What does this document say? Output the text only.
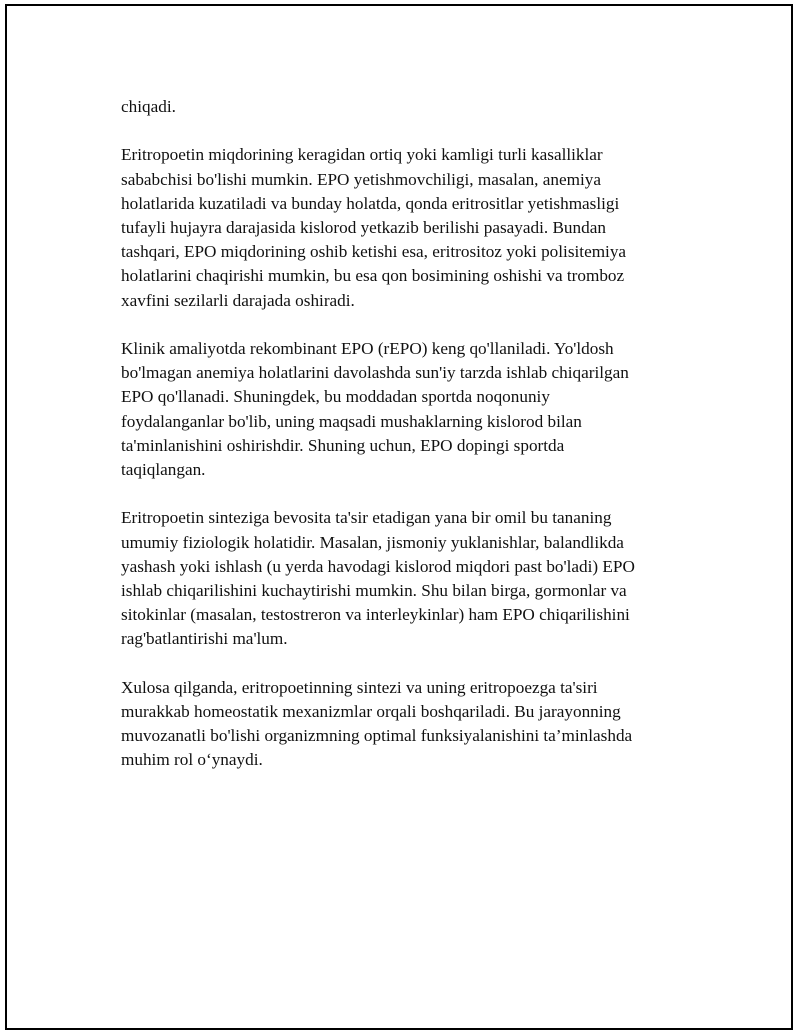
chiqadi.

Eritropoetin miqdorining keragidan ortiq yoki kamligi turli kasalliklar sababchisi bo'lishi mumkin. EPO yetishmovchiligi, masalan, anemiya holatlarida kuzatiladi va bunday holatda, qonda eritrositlar yetishmasligi tufayli hujayra darajasida kislorod yetkazib berilishi pasayadi. Bundan tashqari, EPO miqdorining oshib ketishi esa, eritrositoz yoki polisitemiya holatlarini chaqirishi mumkin, bu esa qon bosimining oshishi va tromboz xavfini sezilarli darajada oshiradi.

Klinik amaliyotda rekombinant EPO (rEPO) keng qo'llaniladi. Yo'ldosh bo'lmagan anemiya holatlarini davolashda sun'iy tarzda ishlab chiqarilgan EPO qo'llanadi. Shuningdek, bu moddadan sportda noqonuniy foydalanganlar bo'lib, uning maqsadi mushaklarning kislorod bilan ta'minlanishini oshirishdir. Shuning uchun, EPO dopingi sportda taqiqlangan.

Eritropoetin sinteziga bevosita ta'sir etadigan yana bir omil bu tananing umumiy fiziologik holatidir. Masalan, jismoniy yuklanishlar, balandlikda yashash yoki ishlash (u yerda havodagi kislorod miqdori past bo'ladi) EPO ishlab chiqarilishini kuchaytirishi mumkin. Shu bilan birga, gormonlar va sitokinlar (masalan, testostreron va interleykinlar) ham EPO chiqarilishini rag'batlantirishi ma'lum.

Xulosa qilganda, eritropoetinning sintezi va uning eritropoezga ta'siri murakkab homeostatik mexanizmlar orqali boshqariladi. Bu jarayonning muvozanatli bo'lishi organizmning optimal funksiyalanishini ta’minlashda muhim rol o‘ynaydi.
